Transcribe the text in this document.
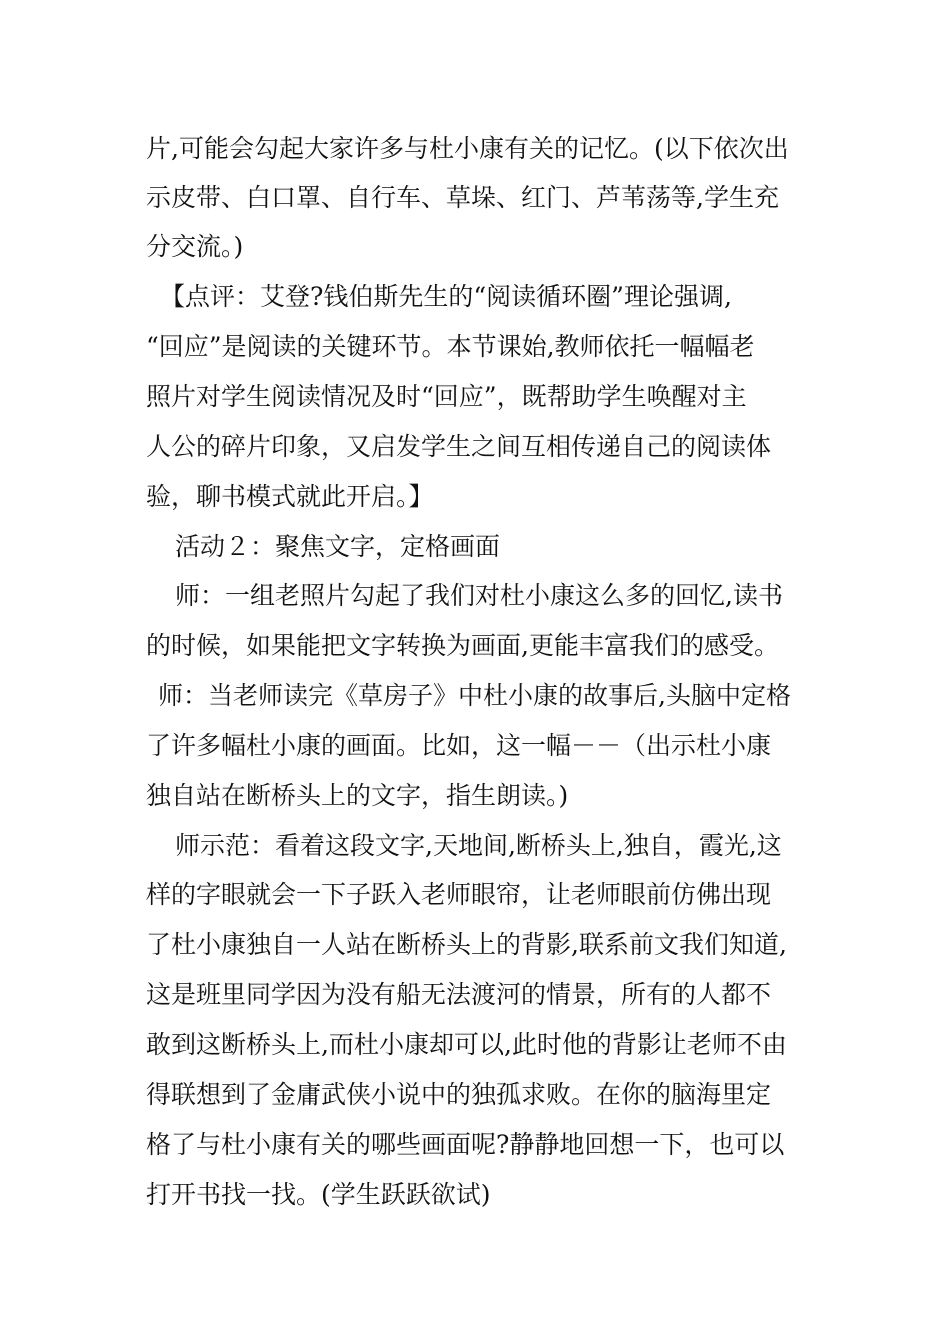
片,可能会勾起大家许多与杜小康有关的记忆。(以下依次出
示皮带、白口罩、自行车、草垛、红门、芦苇荡等,学生充
分交流。)
【点评：艾登?钱伯斯先生的“阅读循环圈”理论强调,
“回应”是阅读的关键环节。本节课始,教师依托一幅幅老
照片对学生阅读情况及时“回应”，既帮助学生唤醒对主
人公的碎片印象，又启发学生之间互相传递自己的阅读体
验，聊书模式就此开启。】
　活动２：聚焦文字，定格画面
　师：一组老照片勾起了我们对杜小康这么多的回忆,读书
的时候，如果能把文字转换为画面,更能丰富我们的感受。
师：当老师读完《草房子》中杜小康的故事后,头脑中定格
了许多幅杜小康的画面。比如，这一幅－－（出示杜小康
独自站在断桥头上的文字，指生朗读。)
　师示范：看着这段文字,天地间,断桥头上,独自，霞光,这
样的字眼就会一下子跃入老师眼帘，让老师眼前仿佛出现
了杜小康独自一人站在断桥头上的背影,联系前文我们知道,
这是班里同学因为没有船无法渡河的情景，所有的人都不
敢到这断桥头上,而杜小康却可以,此时他的背影让老师不由
得联想到了金庸武侠小说中的独孤求败。在你的脑海里定
格了与杜小康有关的哪些画面呢?静静地回想一下，也可以
打开书找一找。(学生跃跃欲试)
